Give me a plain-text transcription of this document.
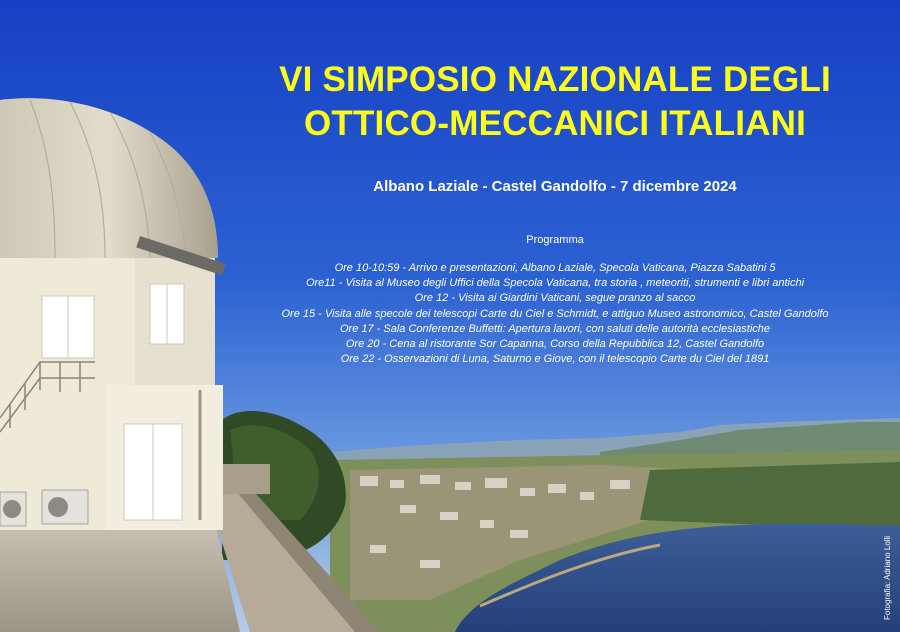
VI SIMPOSIO NAZIONALE DEGLI
OTTICO-MECCANICI ITALIANI
Albano Laziale - Castel Gandolfo - 7 dicembre 2024
Programma
Ore 10-10:59 - Arrivo e presentazioni, Albano Laziale, Specola Vaticana, Piazza Sabatini 5
Ore11 - Visita al Museo degli Uffici della Specola Vaticana, tra storia , meteoriti, strumenti e libri antichi
Ore 12 - Visita ai Giardini Vaticani, segue pranzo al sacco
Ore 15 - Visita alle specole dei telescopi Carte du Ciel e Schmidt, e attiguo Museo astronomico, Castel Gandolfo
Ore 17 - Sala Conferenze Buffetti: Apertura lavori, con saluti delle autorità ecclesiastiche
Ore 20 - Cena al ristorante Sor Capanna, Corso della Repubblica 12, Castel Gandolfo
Ore 22 - Osservazioni di Luna, Saturno e Giove, con il telescopio Carte du Ciel del 1891
Fotografia: Adriano Lolli
